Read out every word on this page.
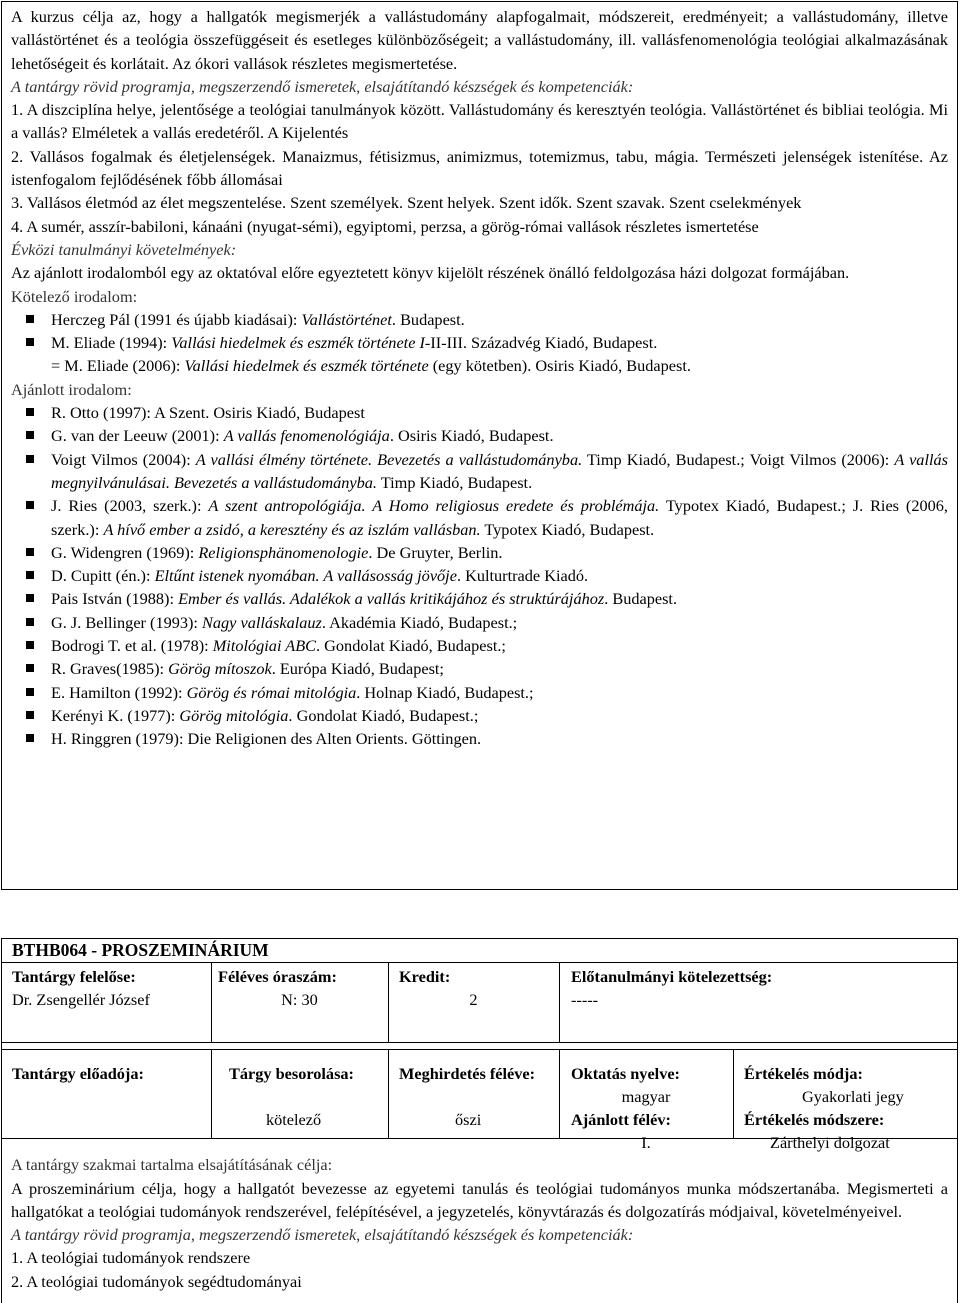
A kurzus célja az, hogy a hallgatók megismerjék a vallástudomány alapfogalmait, módszereit, eredményeit; a vallástudomány, illetve vallástörténet és a teológia összefüggéseit és esetleges különbözőségeit; a vallástudomány, ill. vallásfenomenológia teológiai alkalmazásának lehetőségeit és korlátait. Az ókori vallások részletes megismertetése.
A tantárgy rövid programja, megszerzendő ismeretek, elsajátítandó készségek és kompetenciák:
1. A diszciplína helye, jelentősége a teológiai tanulmányok között. Vallástudomány és keresztyén teológia. Vallástörténet és bibliai teológia. Mi a vallás? Elméletek a vallás eredetéről. A Kijelentés
2. Vallásos fogalmak és életjelenségek. Manaizmus, fétisizmus, animizmus, totemizmus, tabu, mágia. Természeti jelenségek istenítése. Az istenfogalom fejlődésének főbb állomásai
3. Vallásos életmód az élet megszentelése. Szent személyek. Szent helyek. Szent idők. Szent szavak. Szent cselekmények
4. A sumér, asszír-babiloni, kánaáni (nyugat-sémi), egyiptomi, perzsa, a görög-római vallások részletes ismertetése
Évközi tanulmányi követelmények:
Az ajánlott irodalomból egy az oktatóval előre egyeztetett könyv kijelölt részének önálló feldolgozása házi dolgozat formájában.
Kötelező irodalom:
Herczeg Pál (1991 és újabb kiadásai): Vallástörténet. Budapest.
M. Eliade (1994): Vallási hiedelmek és eszmék története I-II-III. Századvég Kiadó, Budapest.
= M. Eliade (2006): Vallási hiedelmek és eszmék története (egy kötetben). Osiris Kiadó, Budapest.
Ajánlott irodalom:
R. Otto (1997): A Szent. Osiris Kiadó, Budapest
G. van der Leeuw (2001): A vallás fenomenológiája. Osiris Kiadó, Budapest.
Voigt Vilmos (2004): A vallási élmény története. Bevezetés a vallástudományba. Timp Kiadó, Budapest.; Voigt Vilmos (2006): A vallás megnyilvánulásai. Bevezetés a vallástudományba. Timp Kiadó, Budapest.
J. Ries (2003, szerk.): A szent antropológiája. A Homo religiosus eredete és problémája. Typotex Kiadó, Budapest.; J. Ries (2006, szerk.): A hívő ember a zsidó, a keresztény és az iszlám vallásban. Typotex Kiadó, Budapest.
G. Widengren (1969): Religionsphänomenologie. De Gruyter, Berlin.
D. Cupitt (én.): Eltűnt istenek nyomában. A vallásosság jövője. Kulturtrade Kiadó.
Pais István (1988): Ember és vallás. Adalékok a vallás kritikájához és struktúrájához. Budapest.
G. J. Bellinger (1993): Nagy valláskalauz. Akadémia Kiadó, Budapest.;
Bodrogi T. et al. (1978): Mitológiai ABC. Gondolat Kiadó, Budapest.;
R. Graves(1985): Görög mítoszok. Európa Kiadó, Budapest;
E. Hamilton (1992): Görög és római mitológia. Holnap Kiadó, Budapest.;
Kerényi K. (1977): Görög mitológia. Gondolat Kiadó, Budapest.;
H. Ringgren (1979): Die Religionen des Alten Orients. Göttingen.
BTHB064 - PROSZEMINÁRIUM
Tantárgy felelőse:
Dr. Zsengellér József
Féléves óraszám:
N: 30
Kredit:
2
Előtanulmányi kötelezettség:
-----
Tantárgy előadója:	Tárgy besorolása:
kötelező
Meghirdetés féléve:
őszi
Oktatás nyelve:
magyar
Ajánlott félév:
I.
Értékelés módja:
Gyakorlati jegy
Értékelés módszere:
Zárthelyi dolgozat
A tantárgy szakmai tartalma elsajátításának célja:
A proszeminárium célja, hogy a hallgatót bevezesse az egyetemi tanulás és teológiai tudományos munka módszertanába. Megismerteti a hallgatókat a teológiai tudományok rendszerével, felépítésével, a jegyzetelés, könyvtárazás és dolgozatírás módjaival, követelményeivel.
A tantárgy rövid programja, megszerzendő ismeretek, elsajátítandó készségek és kompetenciák:
1. A teológiai tudományok rendszere
2. A teológiai tudományok segédtudományai
